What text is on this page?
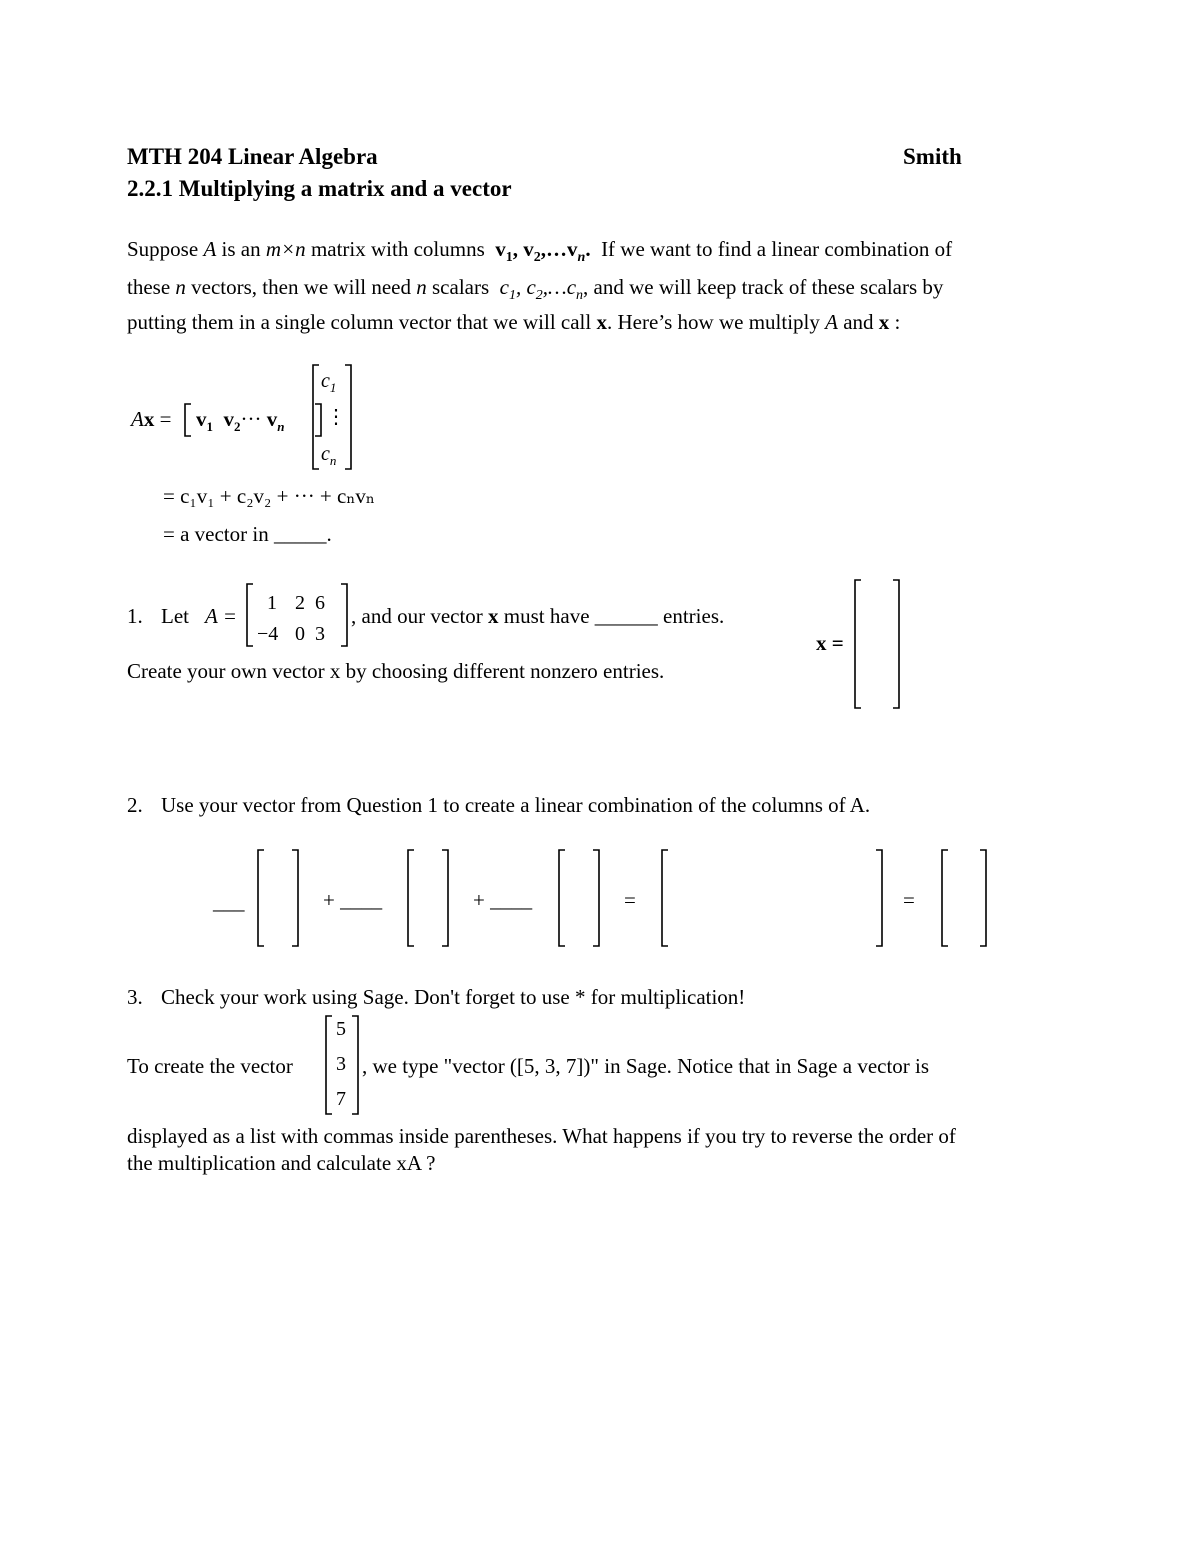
MTH 204 Linear Algebra	Smith
2.2.1 Multiplying a matrix and a vector
Suppose A is an m×n matrix with columns  $v_1$, $v_2,\dots v_n$.  If we want to find a linear combination of
these n vectors, then we will need n scalars  $c_1$, $c_2,\dots c_n$, and we will keep track of these scalars by
putting them in a single column vector that we will call x. Here’s how we multiply A and x :
$Ax = v_1$  $v_2\cdot\cdot\cdot v_n$
$c_1$
⋮
$c_n$
= c₁v₁ + c₂v₂ + ··· + cₙvₙ
= a vector in _____.
1. Let A =
1 2 6
−4 0 3
, and our vector x must have ______ entries.
Create your own vector x by choosing different nonzero entries.
x =
2. Use your vector from Question 1 to create a linear combination of the columns of A.
___	+ ____	+ ____	=	=
3. Check your work using Sage. Don't forget to use * for multiplication!
To create the vector
5
3
7
, we type "vector ([5, 3, 7])" in Sage. Notice that in Sage a vector is
displayed as a list with commas inside parentheses. What happens if you try to reverse the order of
the multiplication and calculate xA ?
